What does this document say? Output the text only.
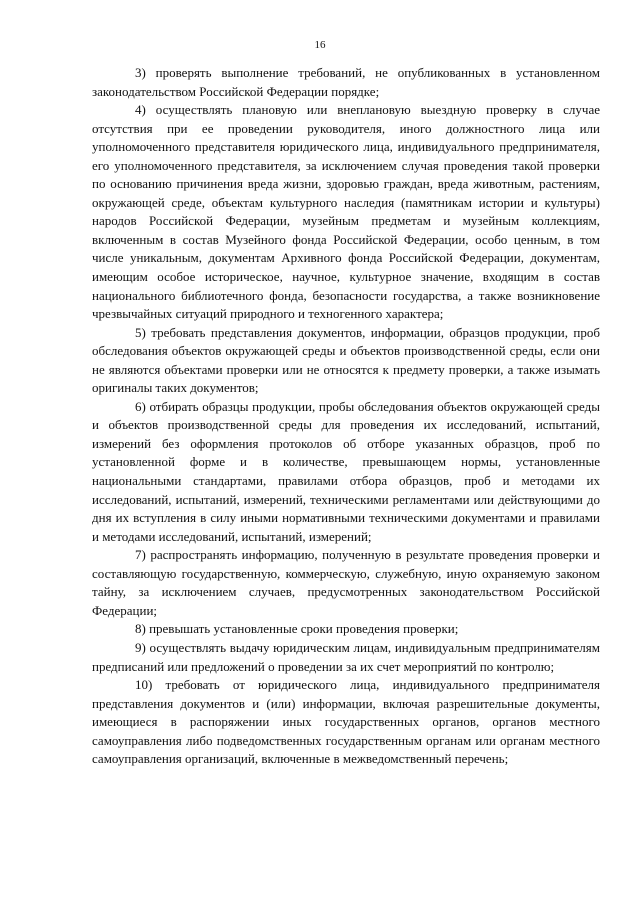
16

3) проверять выполнение требований, не опубликованных в установленном законодательством Российской Федерации порядке;

4) осуществлять плановую или внеплановую выездную проверку в случае отсутствия при ее проведении руководителя, иного должностного лица или уполномоченного представителя юридического лица, индивидуального предпринимателя, его уполномоченного представителя, за исключением случая проведения такой проверки по основанию причинения вреда жизни, здоровью граждан, вреда животным, растениям, окружающей среде, объектам культурного наследия (памятникам истории и культуры) народов Российской Федерации, музейным предметам и музейным коллекциям, включенным в состав Музейного фонда Российской Федерации, особо ценным, в том числе уникальным, документам Архивного фонда Российской Федерации, документам, имеющим особое историческое, научное, культурное значение, входящим в состав национального библиотечного фонда, безопасности государства, а также возникновение чрезвычайных ситуаций природного и техногенного характера;

5) требовать представления документов, информации, образцов продукции, проб обследования объектов окружающей среды и объектов производственной среды, если они не являются объектами проверки или не относятся к предмету проверки, а также изымать оригиналы таких документов;

6) отбирать образцы продукции, пробы обследования объектов окружающей среды и объектов производственной среды для проведения их исследований, испытаний, измерений без оформления протоколов об отборе указанных образцов, проб по установленной форме и в количестве, превышающем нормы, установленные национальными стандартами, правилами отбора образцов, проб и методами их исследований, испытаний, измерений, техническими регламентами или действующими до дня их вступления в силу иными нормативными техническими документами и правилами и методами исследований, испытаний, измерений;

7) распространять информацию, полученную в результате проведения проверки и составляющую государственную, коммерческую, служебную, иную охраняемую законом тайну, за исключением случаев, предусмотренных законодательством Российской Федерации;

8) превышать установленные сроки проведения проверки;

9) осуществлять выдачу юридическим лицам, индивидуальным предпринимателям предписаний или предложений о проведении за их счет мероприятий по контролю;

10) требовать от юридического лица, индивидуального предпринимателя представления документов и (или) информации, включая разрешительные документы, имеющиеся в распоряжении иных государственных органов, органов местного самоуправления либо подведомственных государственным органам или органам местного самоуправления организаций, включенные в межведомственный перечень;
